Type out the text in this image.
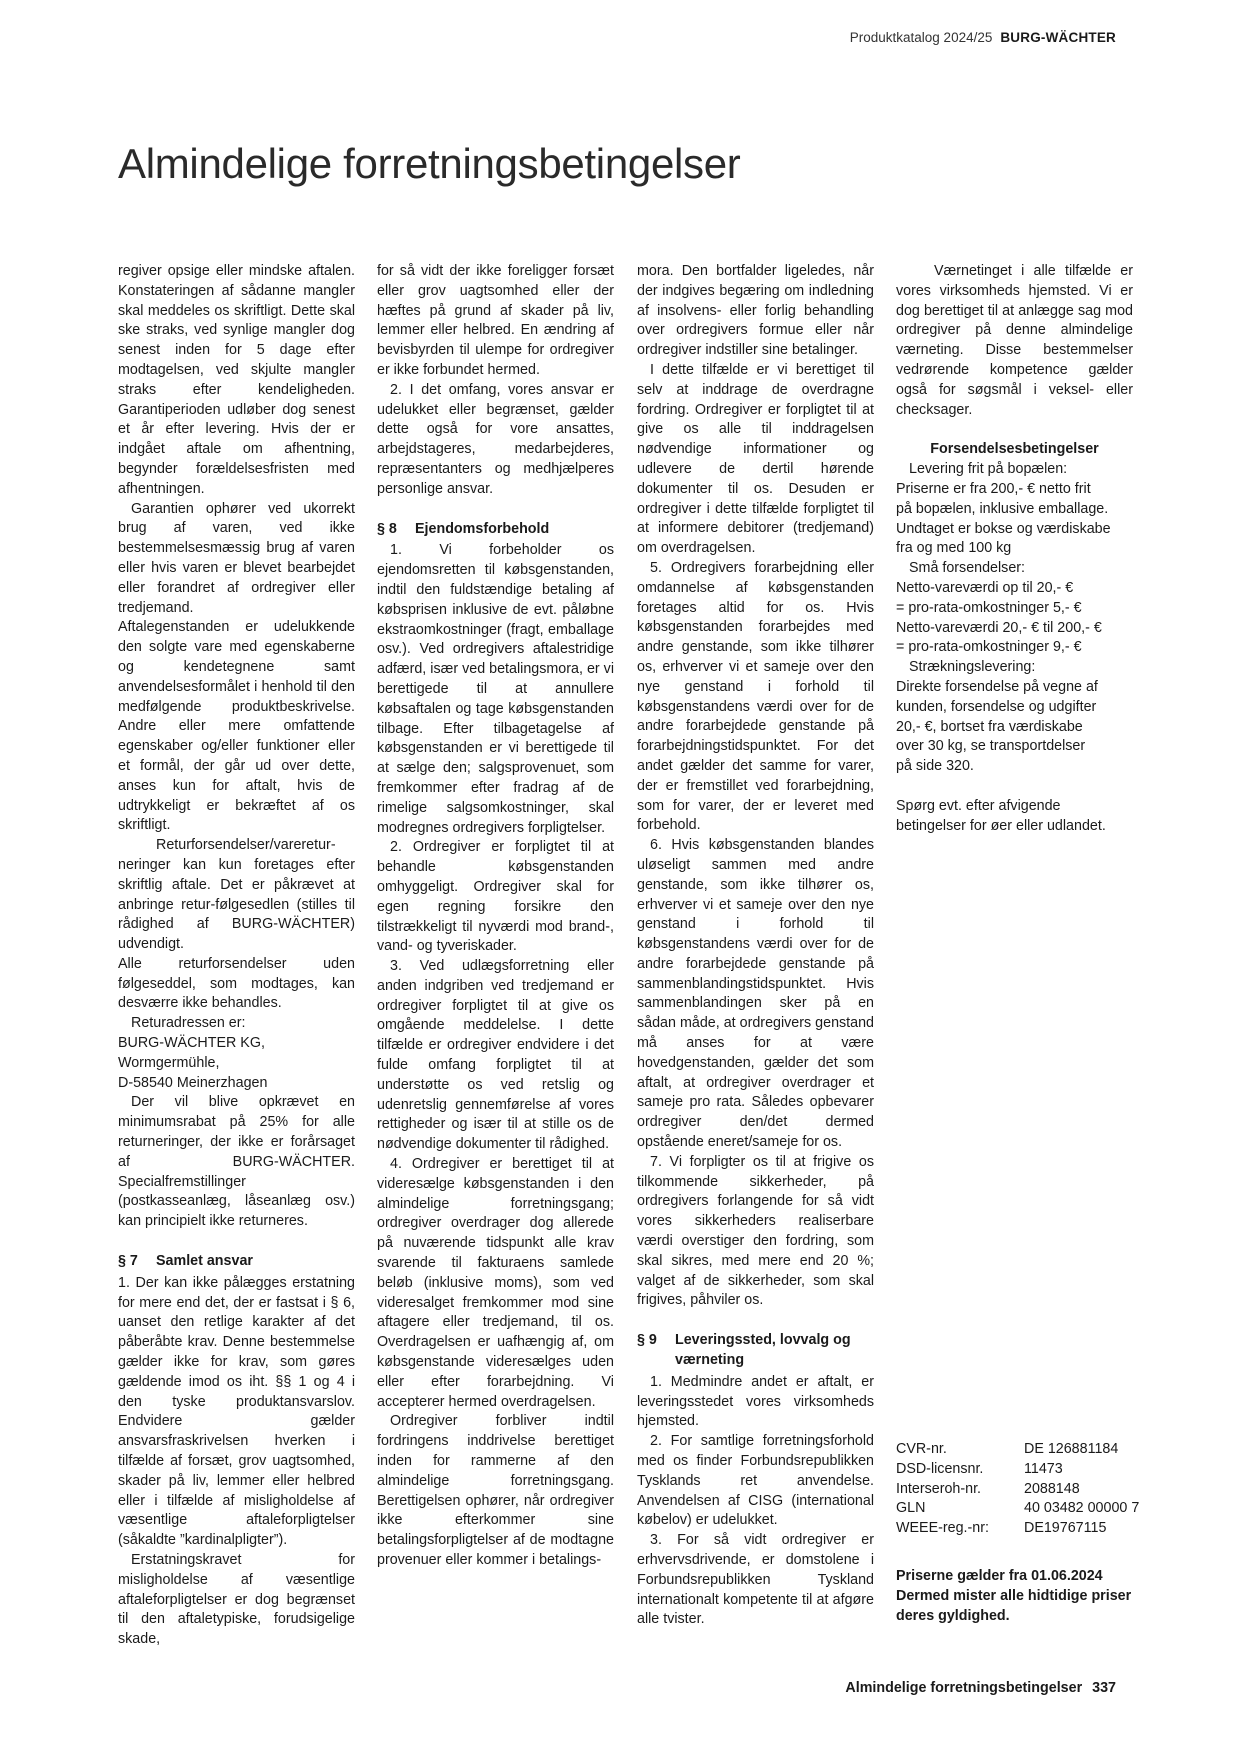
Produktkatalog 2024/25 BURG-WÄCHTER
Almindelige forretningsbetingelser

regiver opsige eller mindske aftalen. Konstateringen af sådanne mangler skal meddeles os skriftligt. Dette skal ske straks, ved synlige mangler dog senest inden for 5 dage efter modtagelsen, ved skjulte mangler straks efter kendeligheden. Garantiperioden udløber dog senest et år efter levering. Hvis der er indgået aftale om afhentning, begynder forældelsesfristen med afhentningen.

Garantien ophører ved ukorrekt brug af varen, ved ikke bestemmelsesmæssig brug af varen eller hvis varen er blevet bearbejdet eller forandret af ordregiver eller tredjemand.

Aftalegenstanden er udelukkende den solgte vare med egenskaberne og kendetegnene samt anvendelsesformålet i henhold til den medfølgende produktbeskrivelse. Andre eller mere omfattende egenskaber og/eller funktioner eller et formål, der går ud over dette, anses kun for aftalt, hvis de udtrykkeligt er bekræftet af os skriftligt.

Returforsendelser/varereturneringer kan kun foretages efter skriftlig aftale. Det er påkrævet at anbringe retur-følgesedlen (stilles til rådighed af BURG-WÄCHTER) udvendigt.

Alle returforsendelser uden følgeseddel, som modtages, kan desværre ikke behandles.

Returadressen er:

BURG-WÄCHTER KG,

Wormgermühle,

D-58540 Meinerzhagen

Der vil blive opkrævet en minimumsrabat på 25% for alle returneringer, der ikke er forårsaget af BURG-WÄCHTER. Specialfremstillinger (postkasseanlæg, låseanlæg osv.) kan principielt ikke returneres.

§ 7	Samlet ansvar

1. Der kan ikke pålægges erstatning for mere end det, der er fastsat i § 6, uanset den retlige karakter af det påberåbte krav. Denne bestemmelse gælder ikke for krav, som gøres gældende imod os iht. §§ 1 og 4 i den tyske produktansvarslov. Endvidere gælder ansvarsfraskrivelsen hverken i tilfælde af forsæt, grov uagtsomhed, skader på liv, lemmer eller helbred eller i tilfælde af misligholdelse af væsentlige aftaleforpligtelser (såkaldte ”kardinalpligter”).

Erstatningskravet for misligholdelse af væsentlige aftaleforpligtelser er dog begrænset til den aftaletypiske, forudsigelige skade,

for så vidt der ikke foreligger forsæt eller grov uagtsomhed eller der hæftes på grund af skader på liv, lemmer eller helbred. En ændring af bevisbyrden til ulempe for ordregiver er ikke forbundet hermed.

2. I det omfang, vores ansvar er udelukket eller begrænset, gælder dette også for vore ansattes, arbejdstageres, medarbejderes, repræsentanters og medhjælperes personlige ansvar.

§ 8	Ejendomsforbehold

1. Vi forbeholder os ejendomsretten til købsgenstanden, indtil den fuldstændige betaling af købsprisen inklusive de evt. påløbne ekstraomkostninger (fragt, emballage osv.). Ved ordregivers aftalestridige adfærd, især ved betalingsmora, er vi berettigede til at annullere købsaftalen og tage købsgenstanden tilbage. Efter tilbagetagelse af købsgenstanden er vi berettigede til at sælge den; salgsprovenuet, som fremkommer efter fradrag af de rimelige salgsomkostninger, skal modregnes ordregivers forpligtelser.

2. Ordregiver er forpligtet til at behandle købsgenstanden omhyggeligt. Ordregiver skal for egen regning forsikre den tilstrækkeligt til nyværdi mod brand-, vand- og tyveriskader.

3. Ved udlægsforretning eller anden indgriben ved tredjemand er ordregiver forpligtet til at give os omgående meddelelse. I dette tilfælde er ordregiver endvidere i det fulde omfang forpligtet til at understøtte os ved retslig og udenretslig gennemførelse af vores rettigheder og især til at stille os de nødvendige dokumenter til rådighed.

4. Ordregiver er berettiget til at videresælge købsgenstanden i den almindelige forretningsgang; ordregiver overdrager dog allerede på nuværende tidspunkt alle krav svarende til fakturaens samlede beløb (inklusive moms), som ved videresalget fremkommer mod sine aftagere eller tredjemand, til os. Overdragelsen er uafhængig af, om købsgenstande videresælges uden eller efter forarbejdning. Vi accepterer hermed overdragelsen.

Ordregiver forbliver indtil fordringens inddrivelse berettiget inden for rammerne af den almindelige forretningsgang. Berettigelsen ophører, når ordregiver ikke efterkommer sine betalingsforpligtelser af de modtagne provenuer eller kommer i betalings-

mora. Den bortfalder ligeledes, når der indgives begæring om indledning af insolvens- eller forlig behandling over ordregivers formue eller når ordregiver indstiller sine betalinger.

I dette tilfælde er vi berettiget til selv at inddrage de overdragne fordring. Ordregiver er forpligtet til at give os alle til inddragelsen nødvendige informationer og udlevere de dertil hørende dokumenter til os. Desuden er ordregiver i dette tilfælde forpligtet til at informere debitorer (tredjemand) om overdragelsen.

5. Ordregivers forarbejdning eller omdannelse af købsgenstanden foretages altid for os. Hvis købsgenstanden forarbejdes med andre genstande, som ikke tilhører os, erhverver vi et sameje over den nye genstand i forhold til købsgenstandens værdi over for de andre forarbejdede genstande på forarbejdningstidspunktet. For det andet gælder det samme for varer, der er fremstillet ved forarbejdning, som for varer, der er leveret med forbehold.

6. Hvis købsgenstanden blandes uløseligt sammen med andre genstande, som ikke tilhører os, erhverver vi et sameje over den nye genstand i forhold til købsgenstandens værdi over for de andre forarbejdede genstande på sammenblandingstidspunktet. Hvis sammenblandingen sker på en sådan måde, at ordregivers genstand må anses for at være hovedgenstanden, gælder det som aftalt, at ordregiver overdrager et sameje pro rata. Således opbevarer ordregiver den/det dermed opstående eneret/sameje for os.

7. Vi forpligter os til at frigive os tilkommende sikkerheder, på ordregivers forlangende for så vidt vores sikkerheders realiserbare værdi overstiger den fordring, som skal sikres, med mere end 20 %; valget af de sikkerheder, som skal frigives, påhviler os.

§ 9	Leveringssted, lovvalg og værneting

1. Medmindre andet er aftalt, er leveringsstedet vores virksomheds hjemsted.

2. For samtlige forretningsforhold med os finder Forbundsrepublikken Tysklands ret anvendelse. Anvendelsen af CISG (international købelov) er udelukket.

3. For så vidt ordregiver er erhvervsdrivende, er domstolene i Forbundsrepublikken Tyskland internationalt kompetente til at afgøre alle tvister.

Værnetinget i alle tilfælde er vores virksomheds hjemsted. Vi er dog berettiget til at anlægge sag mod ordregiver på denne almindelige værneting. Disse bestemmelser vedrørende kompetence gælder også for søgsmål i veksel- eller checksager.

Forsendelsesbetingelser

Levering frit på bopælen:

Priserne er fra 200,- € netto frit

på bopælen, inklusive emballage.

Undtaget er bokse og værdiskabe

fra og med 100 kg

Små forsendelser:

Netto-vareværdi op til 20,- €

= pro-rata-omkostninger 5,- €

Netto-vareværdi 20,- € til 200,- €

= pro-rata-omkostninger 9,- €

Strækningslevering:

Direkte forsendelse på vegne af

kunden, forsendelse og udgifter

20,- €, bortset fra værdiskabe

over 30 kg, se transportdelser

på side 320.

Spørg evt. efter afvigende betingelser for øer eller udlandet.

CVR-nr.	DE 126881184
DSD-licensnr.	11473
Interseroh-nr.	2088148
GLN	40 03482 00000 7
WEEE-reg.-nr:	DE19767115

Priserne gælder fra 01.06.2024 Dermed mister alle hidtidige priser deres gyldighed.

Almindelige forretningsbetingelser 337
